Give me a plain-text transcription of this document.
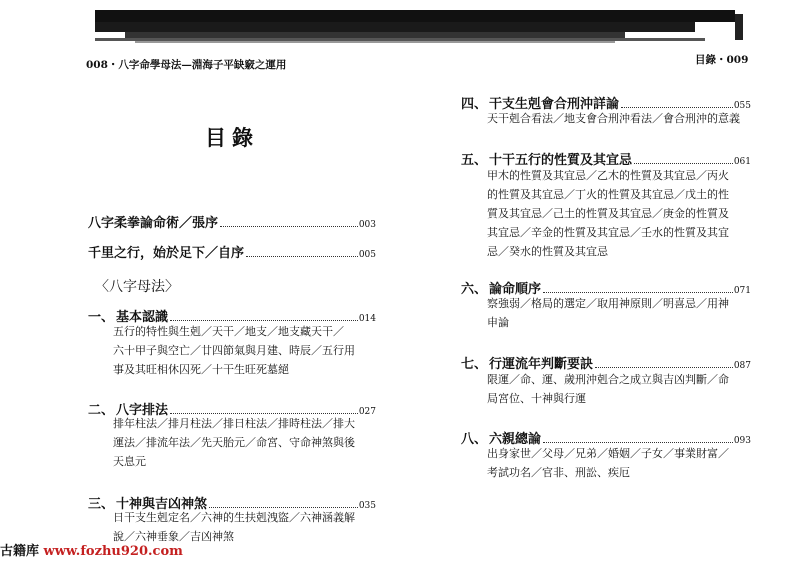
008・八字命學母法—淵海子平缺竅之運用	目錄・009
目錄
八字柔拳論命術／張序	003
千里之行，始於足下／自序	005
〈八字母法〉
一、 基本認識	014
五行的特性與生剋／天干／地支／地支藏天干／
六十甲子與空亡／廿四節氣與月建、時辰／五行用
事及其旺相休囚死／十干生旺死墓絕
二、 八字排法	027
排年柱法／排月柱法／排日柱法／排時柱法／排大
運法／排流年法／先天胎元／命宮、守命神煞與後
天息元
三、 十神與吉凶神煞	035
日干支生剋定名／六神的生扶剋洩盜／六神涵義解
說／六神垂象／吉凶神煞
四、 干支生剋會合刑沖詳論	055
天干剋合看法／地支會合刑沖看法／會合刑沖的意義
五、 十干五行的性質及其宜忌	061
甲木的性質及其宜忌／乙木的性質及其宜忌／丙火
的性質及其宜忌／丁火的性質及其宜忌／戊土的性
質及其宜忌／己土的性質及其宜忌／庚金的性質及
其宜忌／辛金的性質及其宜忌／壬水的性質及其宜
忌／癸水的性質及其宜忌
六、 論命順序	071
察強弱／格局的選定／取用神原則／明喜忌／用神
申論
七、 行運流年判斷要訣	087
限運／命、運、歲刑沖剋合之成立與吉凶判斷／命
局宮位、十神與行運
八、 六親總論	093
出身家世／父母／兄弟／婚姻／子女／事業財富／
考試功名／官非、刑訟、疾厄
古籍库 www.fozhu920.com
